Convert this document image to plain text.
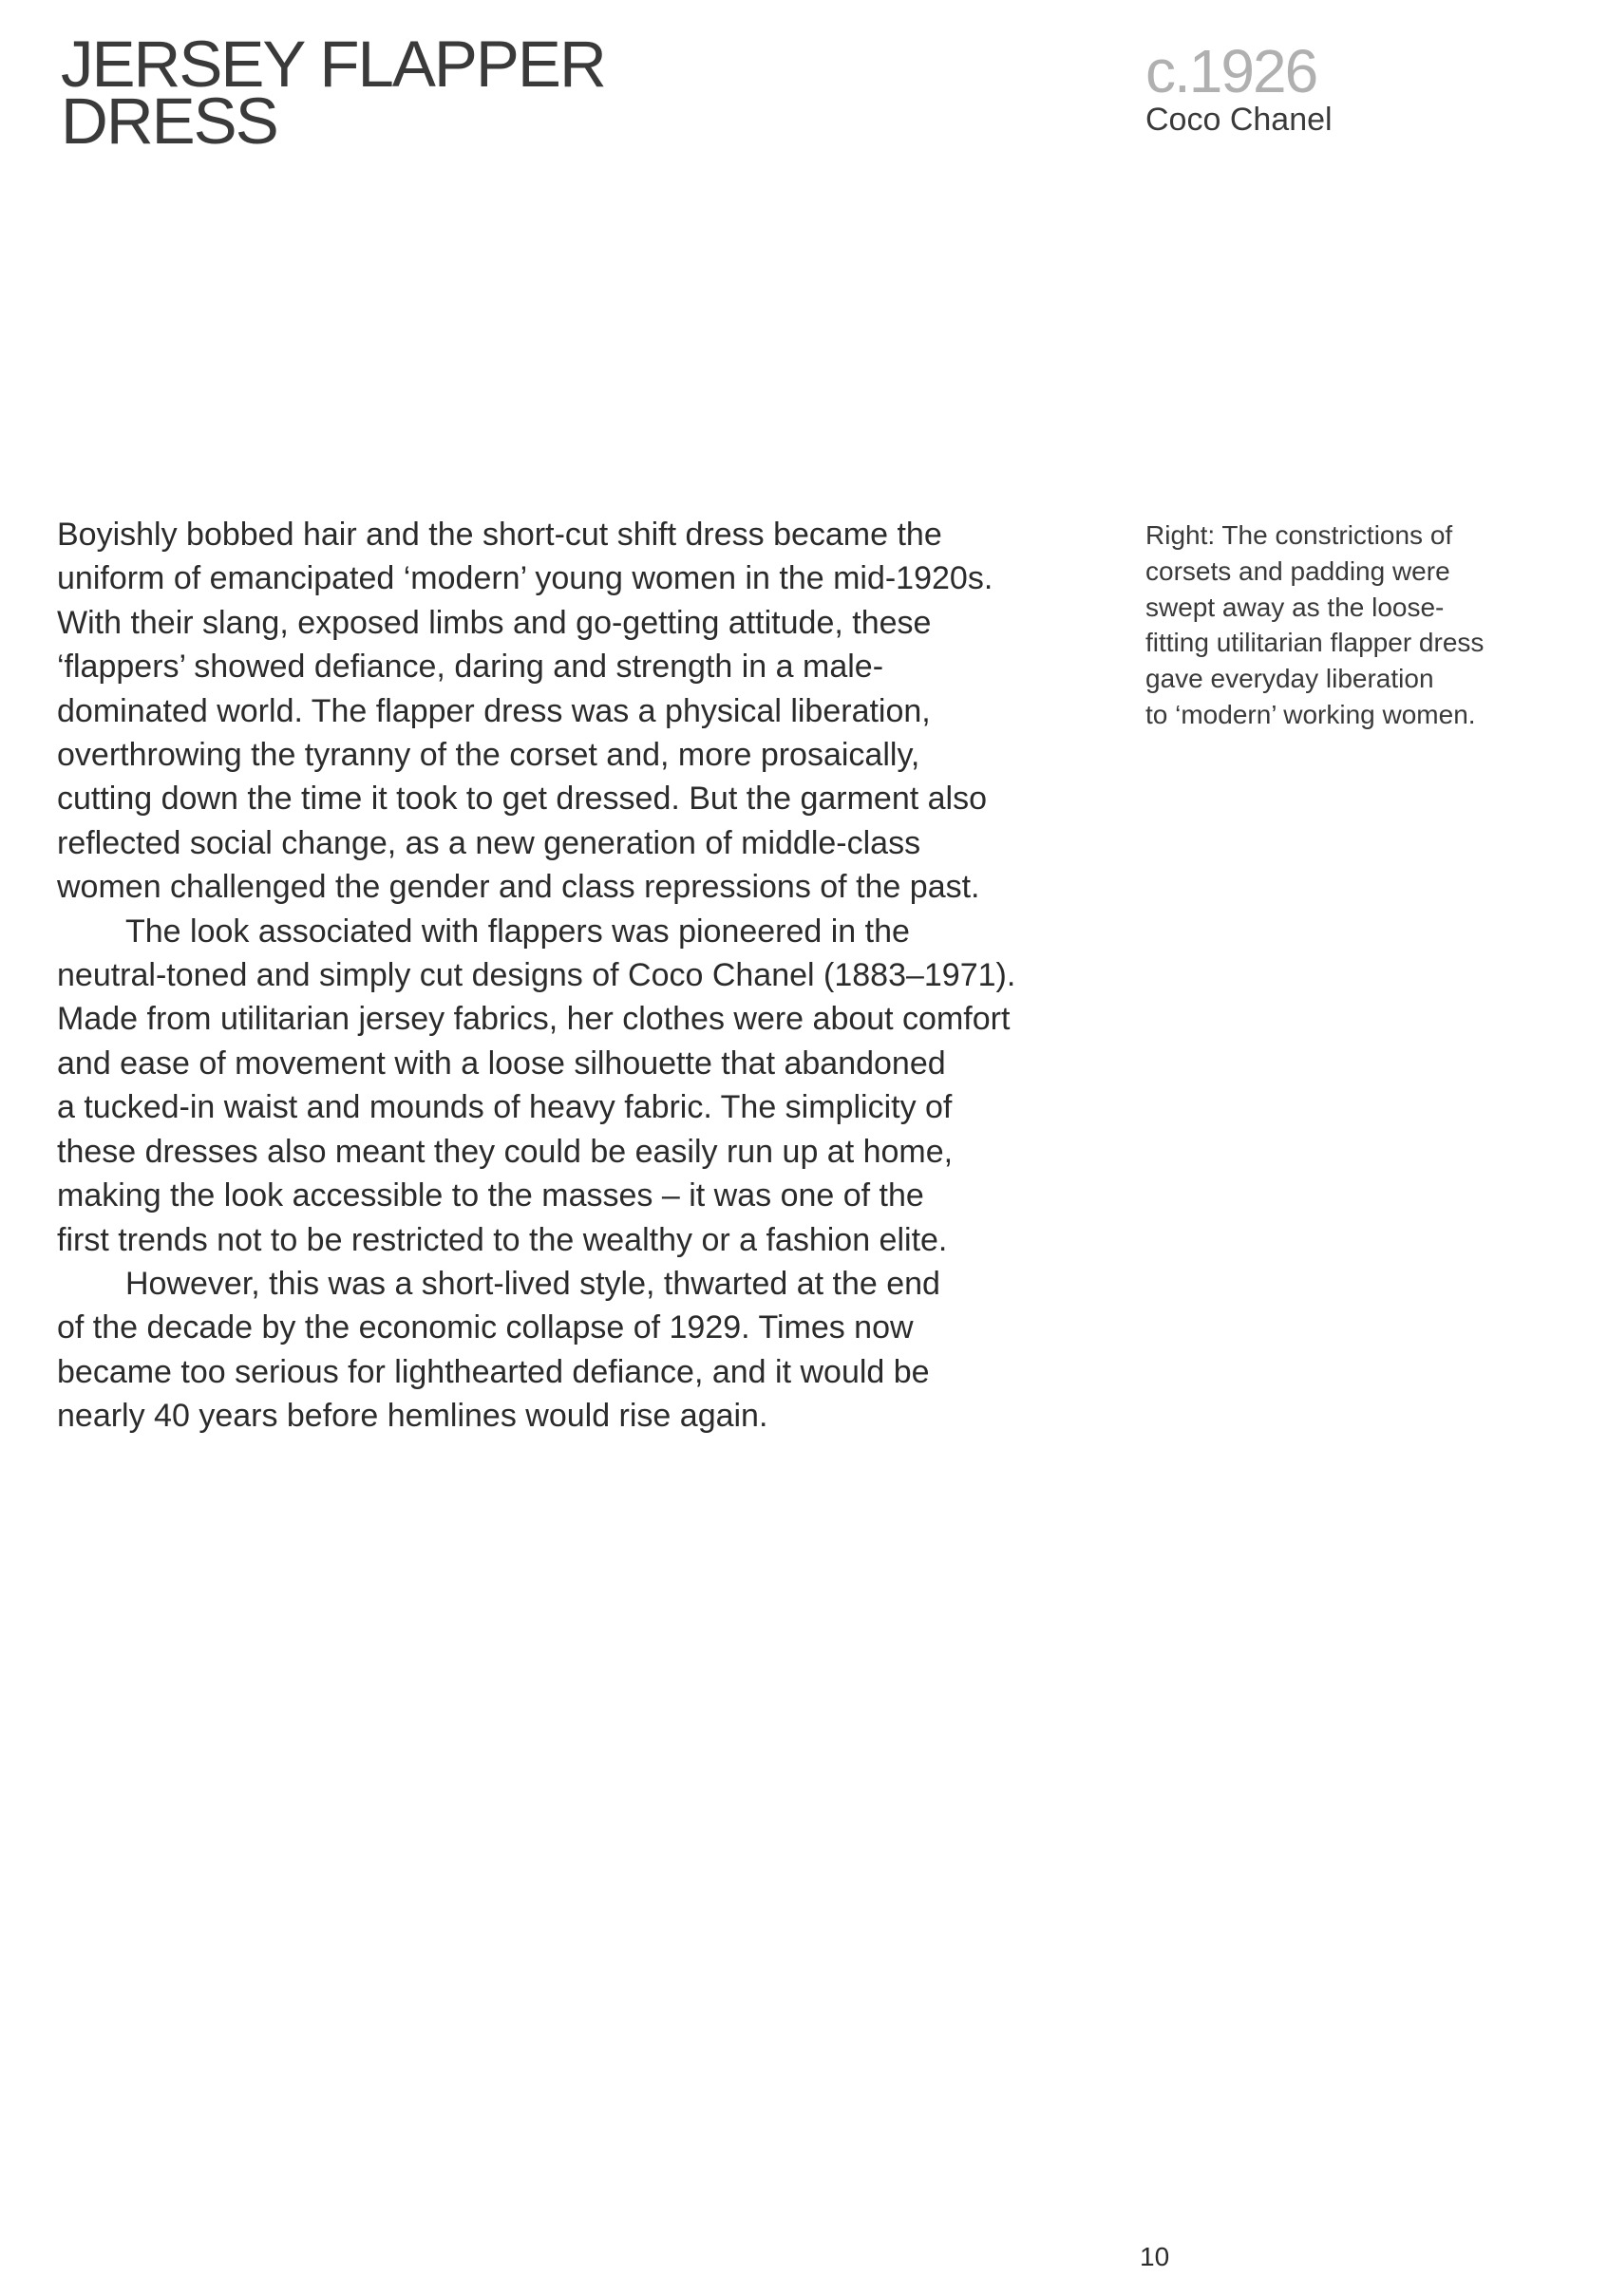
JERSEY FLAPPER
DRESS
c.1926
Coco Chanel

Boyishly bobbed hair and the short-cut shift dress became the
uniform of emancipated ‘modern’ young women in the mid-1920s.
With their slang, exposed limbs and go-getting attitude, these
‘flappers’ showed defiance, daring and strength in a male-
dominated world. The flapper dress was a physical liberation,
overthrowing the tyranny of the corset and, more prosaically,
cutting down the time it took to get dressed. But the garment also
reflected social change, as a new generation of middle-class
women challenged the gender and class repressions of the past.

The look associated with flappers was pioneered in the
neutral-toned and simply cut designs of Coco Chanel (1883–1971).
Made from utilitarian jersey fabrics, her clothes were about comfort
and ease of movement with a loose silhouette that abandoned
a tucked-in waist and mounds of heavy fabric. The simplicity of
these dresses also meant they could be easily run up at home,
making the look accessible to the masses – it was one of the
first trends not to be restricted to the wealthy or a fashion elite.

However, this was a short-lived style, thwarted at the end
of the decade by the economic collapse of 1929. Times now
became too serious for lighthearted defiance, and it would be
nearly 40 years before hemlines would rise again.

Right: The constrictions of
corsets and padding were
swept away as the loose-
fitting utilitarian flapper dress
gave everyday liberation
to ‘modern’ working women.
10
